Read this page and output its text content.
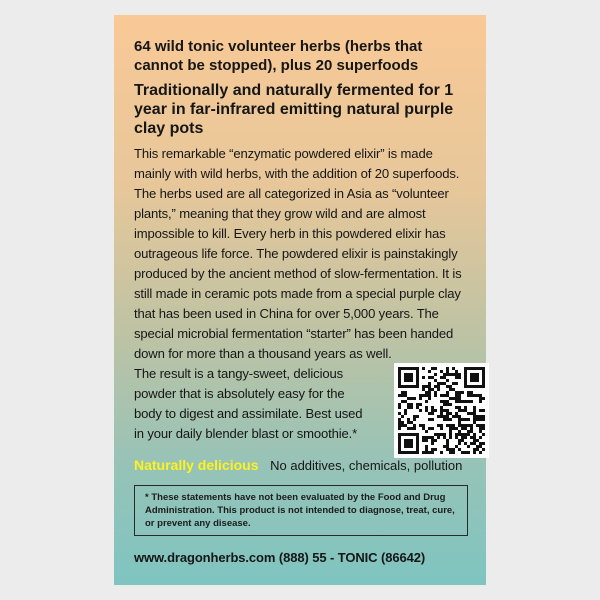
64 wild tonic volunteer herbs (herbs that cannot be stopped), plus 20 superfoods

Traditionally and naturally fermented for 1 year in far-infrared emitting natural purple clay pots

This remarkable “enzymatic powdered elixir” is made mainly with wild herbs, with the addition of 20 superfoods. The herbs used are all categorized in Asia as “volunteer plants,” meaning that they grow wild and are almost impossible to kill. Every herb in this powdered elixir has outrageous life force. The powdered elixir is painstakingly produced by the ancient method of slow-fermentation. It is still made in ceramic pots made from a special purple clay that has been used in China for over 5,000 years. The special microbial fermentation “starter” has been handed down for more than a thousand years as well.

The result is a tangy-sweet, delicious powder that is absolutely easy for the body to digest and assimilate. Best used in your daily blender blast or smoothie.*

Naturally delicious No additives, chemicals, pollution
* These statements have not been evaluated by the Food and Drug Administration. This product is not intended to diagnose, treat, cure, or prevent any disease.
www.dragonherbs.com (888) 55 - TONIC (86642)
